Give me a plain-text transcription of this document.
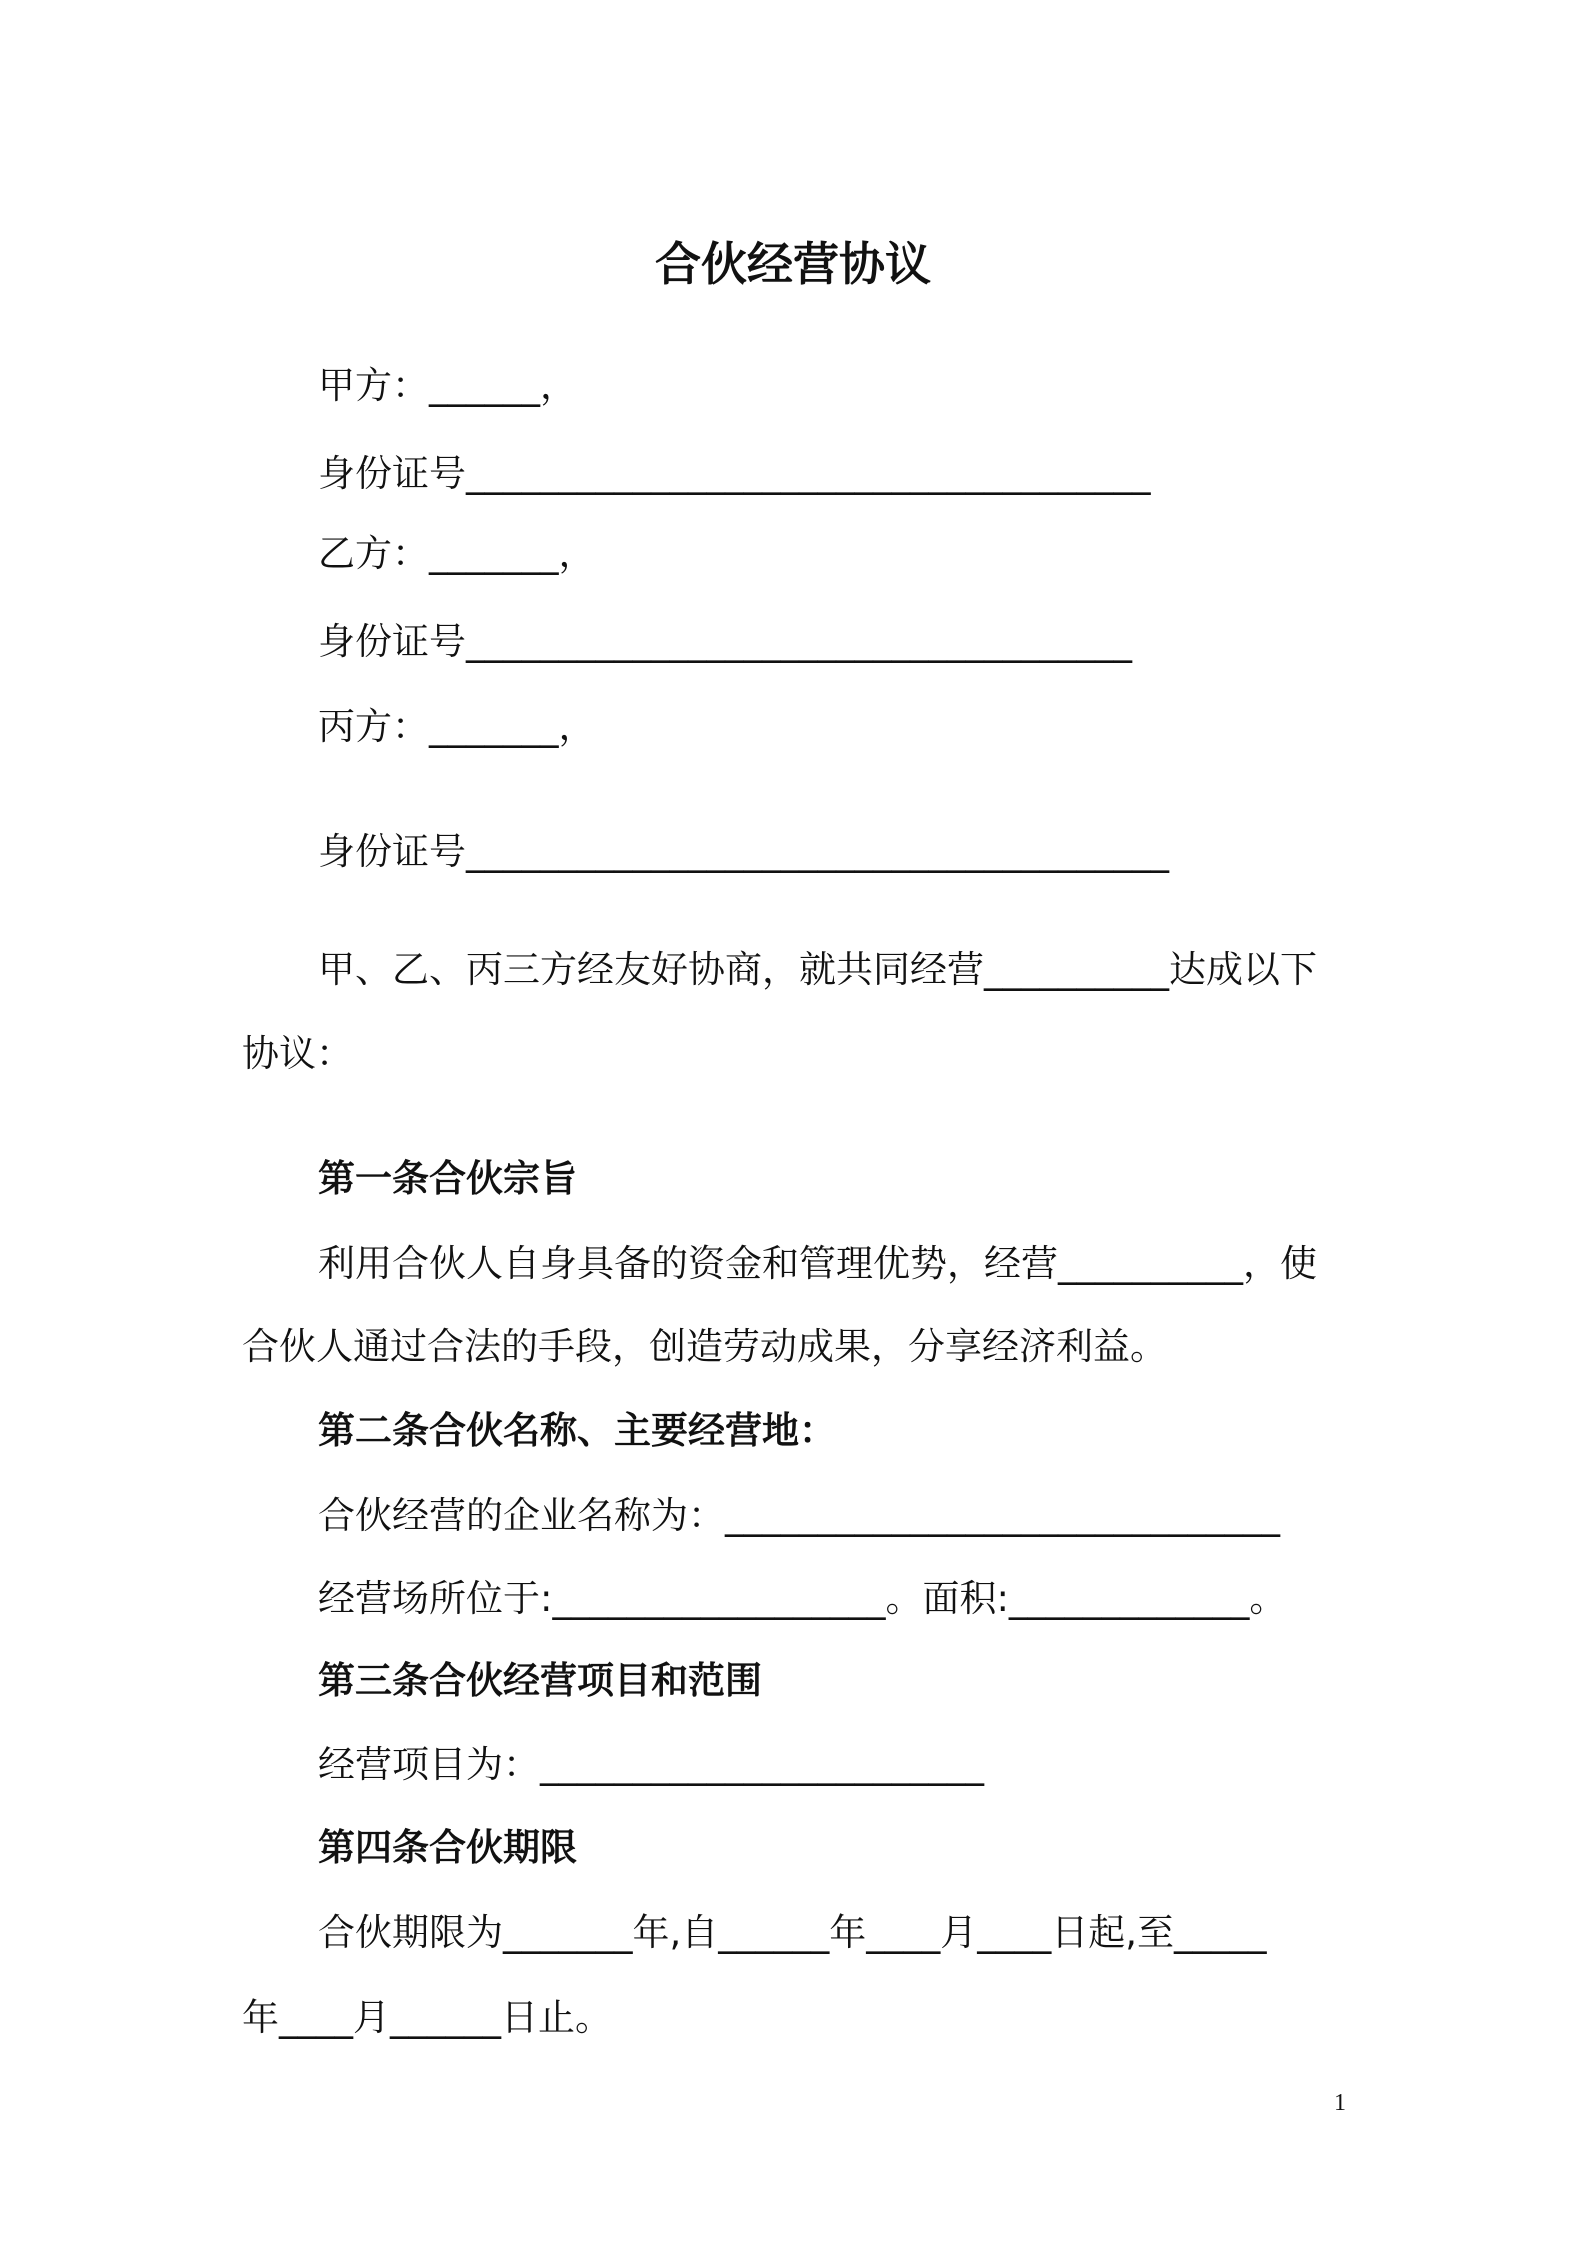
合伙经营协议
甲方：______，
身份证号_____________________________________
乙方：_______，
身份证号____________________________________
丙方：_______，
身份证号______________________________________
甲、乙、丙三方经友好协商，就共同经营__________达成以下
协议：
第一条合伙宗旨
利用合伙人自身具备的资金和管理优势，经营__________，使
合伙人通过合法的手段，创造劳动成果，分享经济利益。
第二条合伙名称、主要经营地：
合伙经营的企业名称为：______________________________
经营场所位于:__________________。面积:_____________。
第三条合伙经营项目和范围
经营项目为：________________________
第四条合伙期限
合伙期限为_______年,自______年____月____日起,至_____
年____月______日止。
1
